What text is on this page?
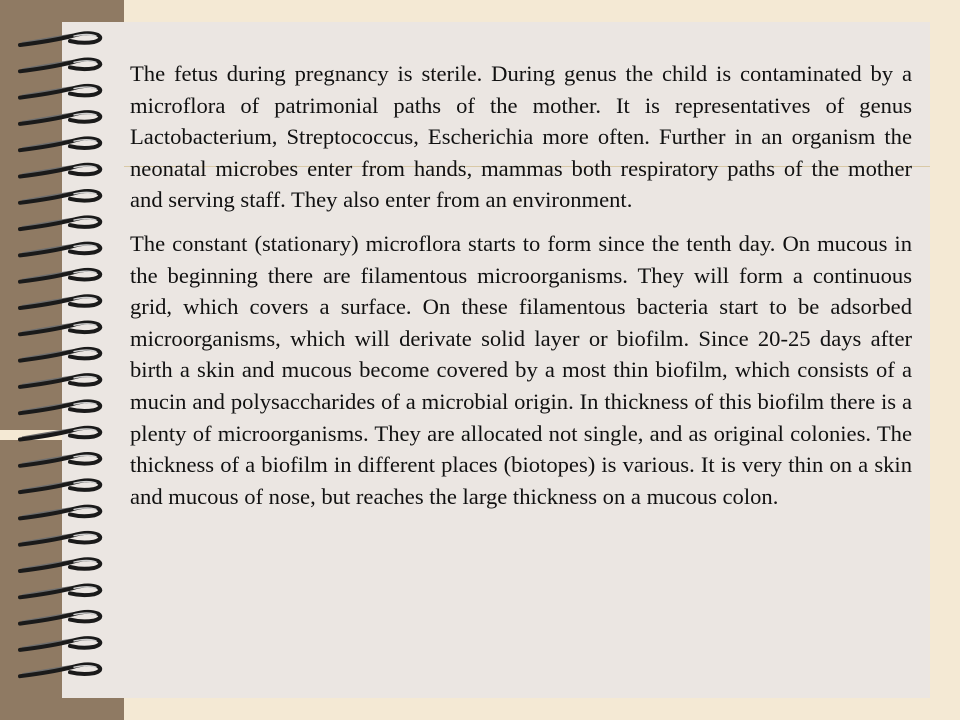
The fetus during pregnancy is sterile. During genus the child is contaminated by a microflora of patrimonial paths of the mother. It is representatives of genus Lactobacterium, Streptococcus, Escherichia more often. Further in an organism the neonatal microbes enter from hands, mammas both respiratory paths of the mother and serving staff. They also enter from an environment.

The constant (stationary) microflora starts to form since the tenth day. On mucous in the beginning there are filamentous microorganisms. They will form a continuous grid, which covers a surface. On these filamentous bacteria start to be adsorbed microorganisms, which will derivate solid layer or biofilm. Since 20-25 days after birth a skin and mucous become covered by a most thin biofilm, which consists of a mucin and polysaccharides of a microbial origin. In thickness of this biofilm there is a plenty of microorganisms. They are allocated not single, and as original colonies. The thickness of a biofilm in different places (biotopes) is various. It is very thin on a skin and mucous of nose, but reaches the large thickness on a mucous colon.
